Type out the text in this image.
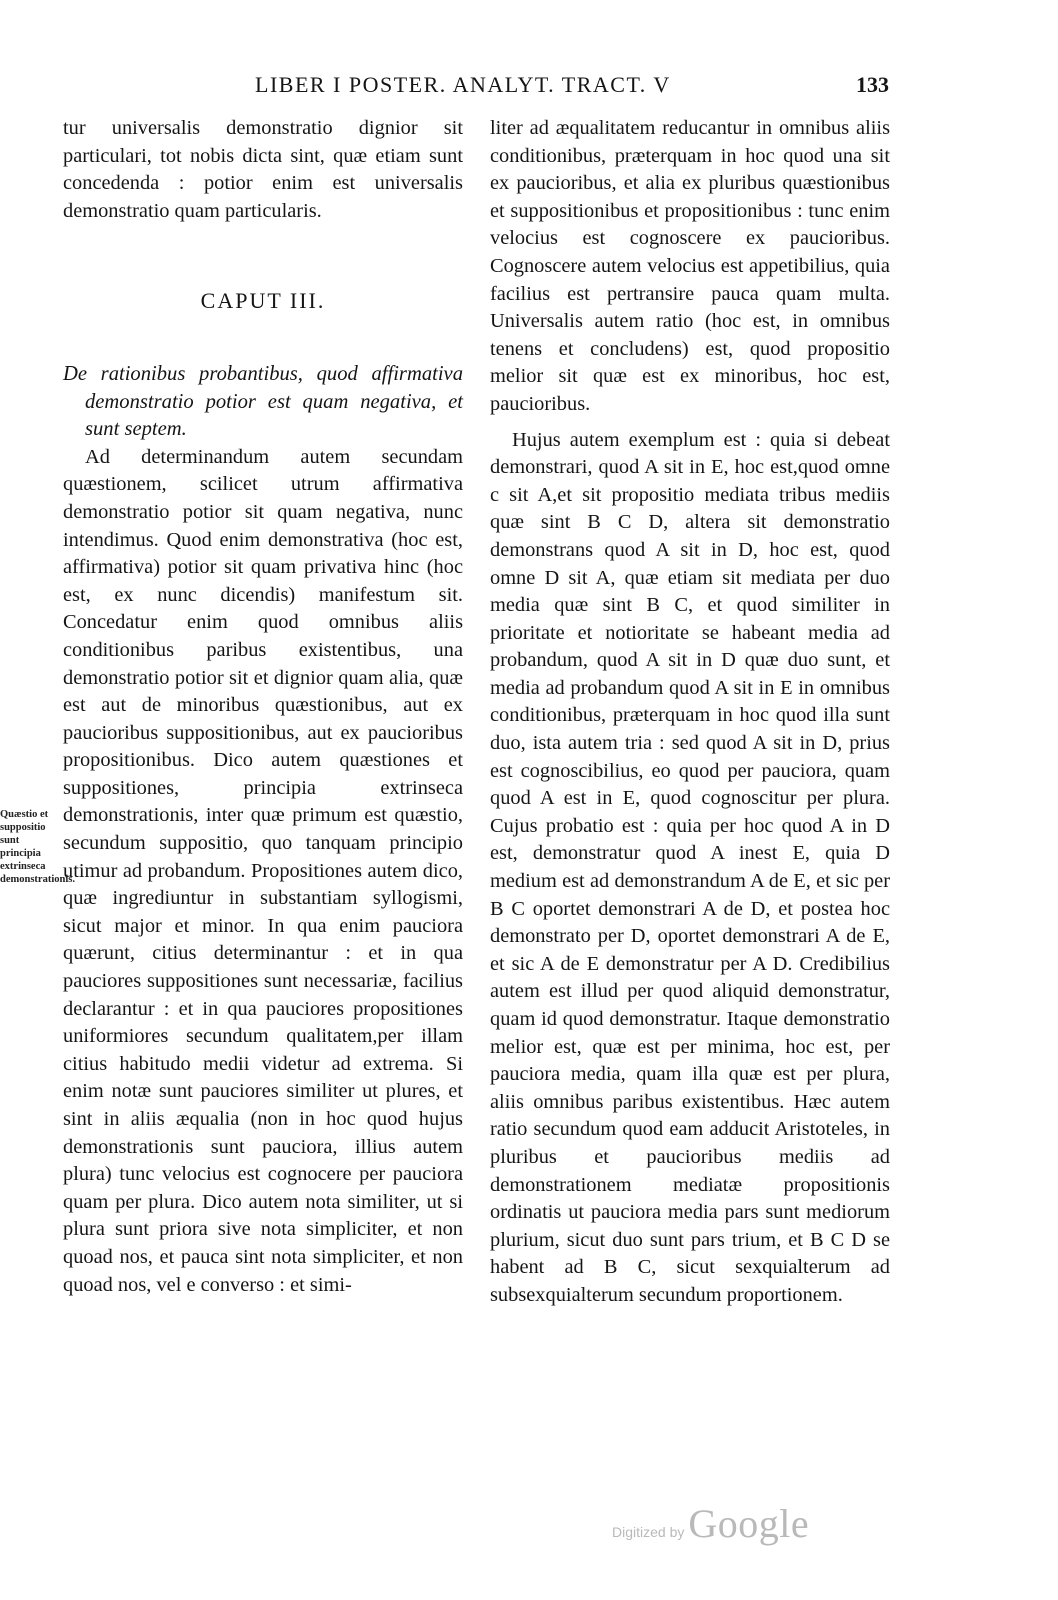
LIBER I POSTER. ANALYT. TRACT. V	133

tur universalis demonstratio dignior sit particulari, tot nobis dicta sint, quæ etiam sunt concedenda : potior enim est universalis demonstratio quam particularis.

CAPUT III.

De rationibus probantibus, quod affirmativa demonstratio potior est quam negativa, et sunt septem.

Ad determinandum autem secundam quæstionem, scilicet utrum affirmativa demonstratio potior sit quam negativa, nunc intendimus. Quod enim demonstrativa (hoc est, affirmativa) potior sit quam privativa hinc (hoc est, ex nunc dicendis) manifestum sit. Concedatur enim quod omnibus aliis conditionibus paribus existentibus, una demonstratio potior sit et dignior quam alia, quæ est aut de minoribus quæstionibus, aut ex paucioribus suppositionibus, aut ex paucioribus propositionibus. Dico autem quæstiones et suppositiones, principia extrinseca demonstrationis, inter quæ primum est quæstio, secundum suppositio, quo tanquam principio utimur ad probandum. Propositiones autem dico, quæ ingrediuntur in substantiam syllogismi, sicut major et minor. In qua enim pauciora quærunt, citius determinantur : et in qua pauciores suppositiones sunt necessariæ, facilius declarantur : et in qua pauciores propositiones uniformiores secundum qualitatem,per illam citius habitudo medii videtur ad extrema. Si enim notæ sunt pauciores similiter ut plures, et sint in aliis æqualia (non in hoc quod hujus demonstrationis sunt pauciora, illius autem plura) tunc velocius est cognocere per pauciora quam per plura. Dico autem nota similiter, ut si plura sunt priora sive nota simpliciter, et non quoad nos, et pauca sint nota simpliciter, et non quoad nos, vel e converso : et simi-

Quæstio et suppositio sunt principia extrinseca demonstrationis.

liter ad æqualitatem reducantur in omnibus aliis conditionibus, præterquam in hoc quod una sit ex paucioribus, et alia ex pluribus quæstionibus et suppositionibus et propositionibus : tunc enim velocius est cognoscere ex paucioribus. Cognoscere autem velocius est appetibilius, quia facilius est pertransire pauca quam multa. Universalis autem ratio (hoc est, in omnibus tenens et concludens) est, quod propositio melior sit quæ est ex minoribus, hoc est, paucioribus.

Hujus autem exemplum est : quia si debeat demonstrari, quod A sit in E, hoc est,quod omne c sit A,et sit propositio mediata tribus mediis quæ sint B C D, altera sit demonstratio demonstrans quod A sit in D, hoc est, quod omne D sit A, quæ etiam sit mediata per duo media quæ sint B C, et quod similiter in prioritate et notioritate se habeant media ad probandum, quod A sit in D quæ duo sunt, et media ad probandum quod A sit in E in omnibus conditionibus, præterquam in hoc quod illa sunt duo, ista autem tria : sed quod A sit in D, prius est cognoscibilius, eo quod per pauciora, quam quod A est in E, quod cognoscitur per plura. Cujus probatio est : quia per hoc quod A in D est, demonstratur quod A inest E, quia D medium est ad demonstrandum A de E, et sic per B C oportet demonstrari A de D, et postea hoc demonstrato per D, oportet demonstrari A de E, et sic A de E demonstratur per A D. Credibilius autem est illud per quod aliquid demonstratur, quam id quod demonstratur. Itaque demonstratio melior est, quæ est per minima, hoc est, per pauciora media, quam illa quæ est per plura, aliis omnibus paribus existentibus. Hæc autem ratio secundum quod eam adducit Aristoteles, in pluribus et paucioribus mediis ad demonstrationem mediatæ propositionis ordinatis ut pauciora media pars sunt mediorum plurium, sicut duo sunt pars trium, et B C D se habent ad B C, sicut sexquialterum ad subsexquialterum secundum proportionem.

Digitized by Google
